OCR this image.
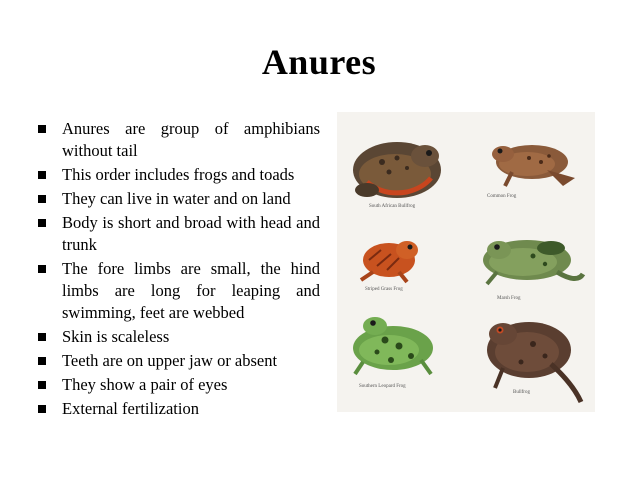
Anures
Anures are group of amphibians without tail
This order includes frogs and toads
They can live in water and on land
Body is short and broad with head and trunk
The fore limbs are small, the hind limbs are long for leaping and swimming, feet are webbed
Skin is scaleless
Teeth are on upper jaw or absent
They show a pair of eyes
External fertilization
South African Bullfrog
Common Frog
Striped Grass Frog
Marsh Frog
Southern Leopard Frog
Bullfrog
